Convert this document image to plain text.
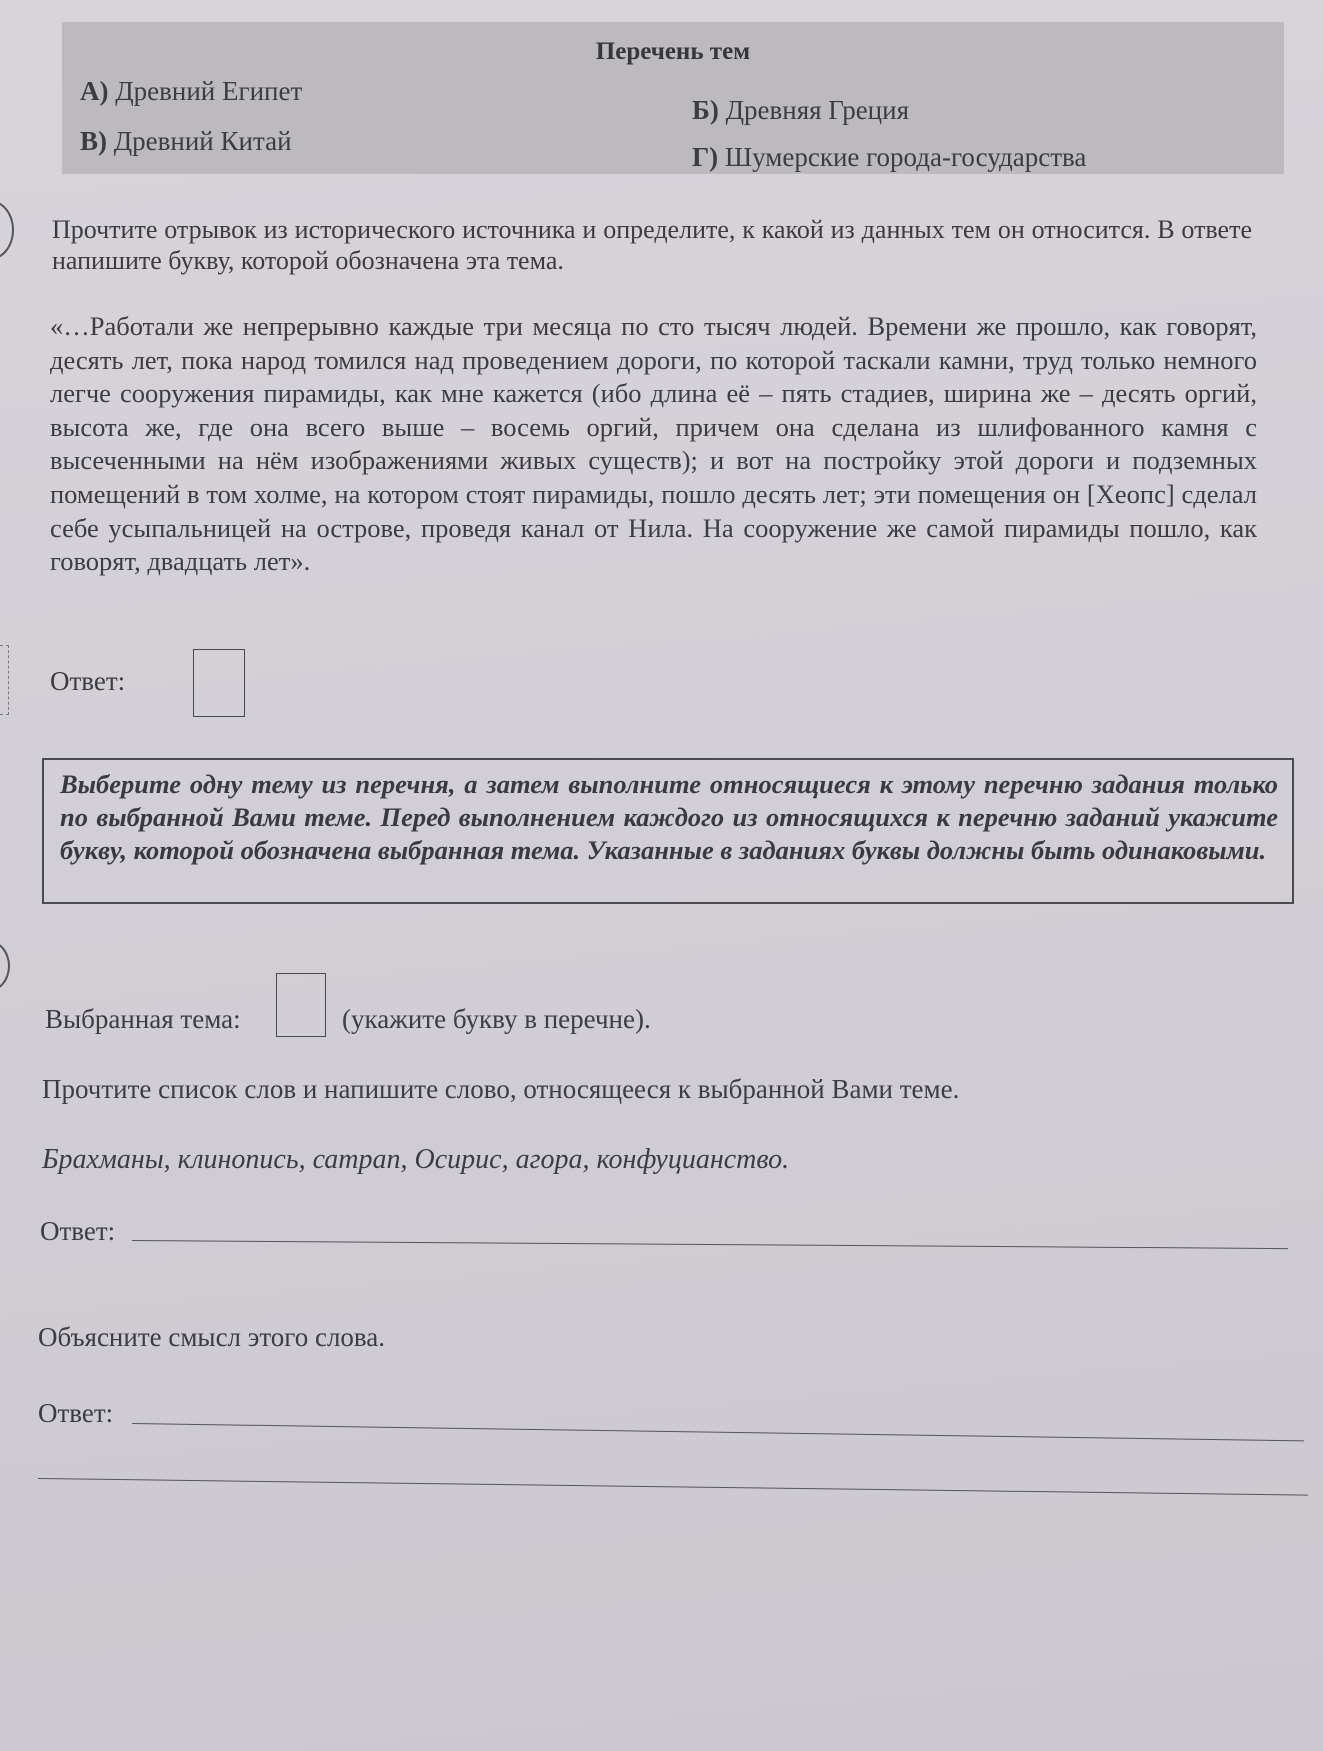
Перечень тем
А) Древний Египет
Б) Древняя Греция
В) Древний Китай
Г) Шумерские города-государства
Прочтите отрывок из исторического источника и определите, к какой из данных тем он относится. В ответе напишите букву, которой обозначена эта тема.
«…Работали же непрерывно каждые три месяца по сто тысяч людей. Времени же прошло, как говорят, десять лет, пока народ томился над проведением дороги, по которой таскали камни, труд только немного легче сооружения пирамиды, как мне кажется (ибо длина её – пять стадиев, ширина же – десять оргий, высота же, где она всего выше – восемь оргий, причем она сделана из шлифованного камня с высеченными на нём изображениями живых существ); и вот на постройку этой дороги и подземных помещений в том холме, на котором стоят пирамиды, пошло десять лет; эти помещения он [Хеопс] сделал себе усыпальницей на острове, проведя канал от Нила. На сооружение же самой пирамиды пошло, как говорят, двадцать лет».
Ответ:
Выберите одну тему из перечня, а затем выполните относящиеся к этому перечню задания только по выбранной Вами теме. Перед выполнением каждого из относящихся к перечню заданий укажите букву, которой обозначена выбранная тема. Указанные в заданиях буквы должны быть одинаковыми.
Выбранная тема:	(укажите букву в перечне).
Прочтите список слов и напишите слово, относящееся к выбранной Вами теме.
Брахманы, клинопись, сатрап, Осирис, агора, конфуцианство.
Ответ:
Объясните смысл этого слова.
Ответ:
